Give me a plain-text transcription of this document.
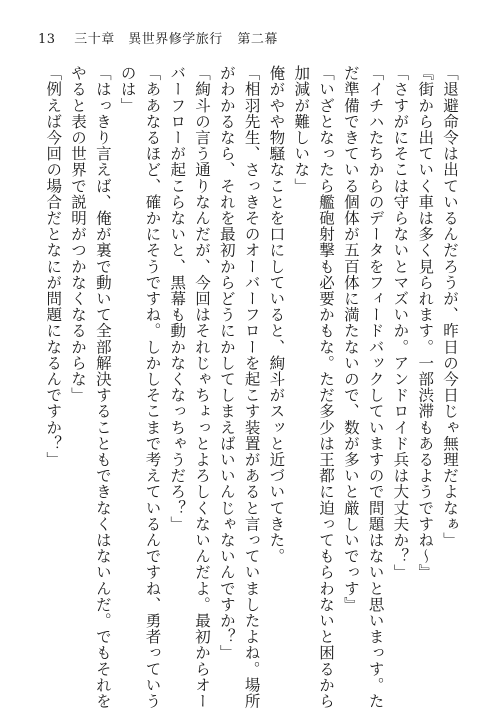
13 三十章　異世界修学旅行 第二幕

「退避命令は出ているんだろうが、昨日の今日じゃ無理だよなぁ」

『街から出ていく車は多く見られます。一部渋滞もあるようですね～』

「さすがにそこは守らないとマズいか。アンドロイド兵は大丈夫か？」

「イチハたちからのデータをフィードバックしていますので問題はないと思いまっす。た

だ準備できている個体が五百体に満たないので、数が多いと厳しいでっす』

「いざとなったら艦砲射撃も必要かもな。ただ多少は王都に迫ってもらわないと困るから

加減が難しいな」

俺がやや物騒なことを口にしていると、絢斗がスッと近づいてきた。

「相羽先生、さっきそのオーバーフローを起こす装置があると言っていましたよね。場所

がわかるなら、それを最初からどうにかしてしまえばいいんじゃないんですか？」

「絢斗の言う通りなんだが、今回はそれじゃちょっとよろしくないんだよ。最初からオー

バーフローが起こらないと、黒幕も動かなくなっちゃうだろ？」

「ああなるほど、確かにそうですね。しかしそこまで考えているんですね、勇者っていう

のは」

「はっきり言えば、俺が裏で動いて全部解決することもできなくはないんだ。でもそれを

やると表の世界で説明がつかなくなるからな」

「例えば今回の場合だとなにが問題になるんですか？」
